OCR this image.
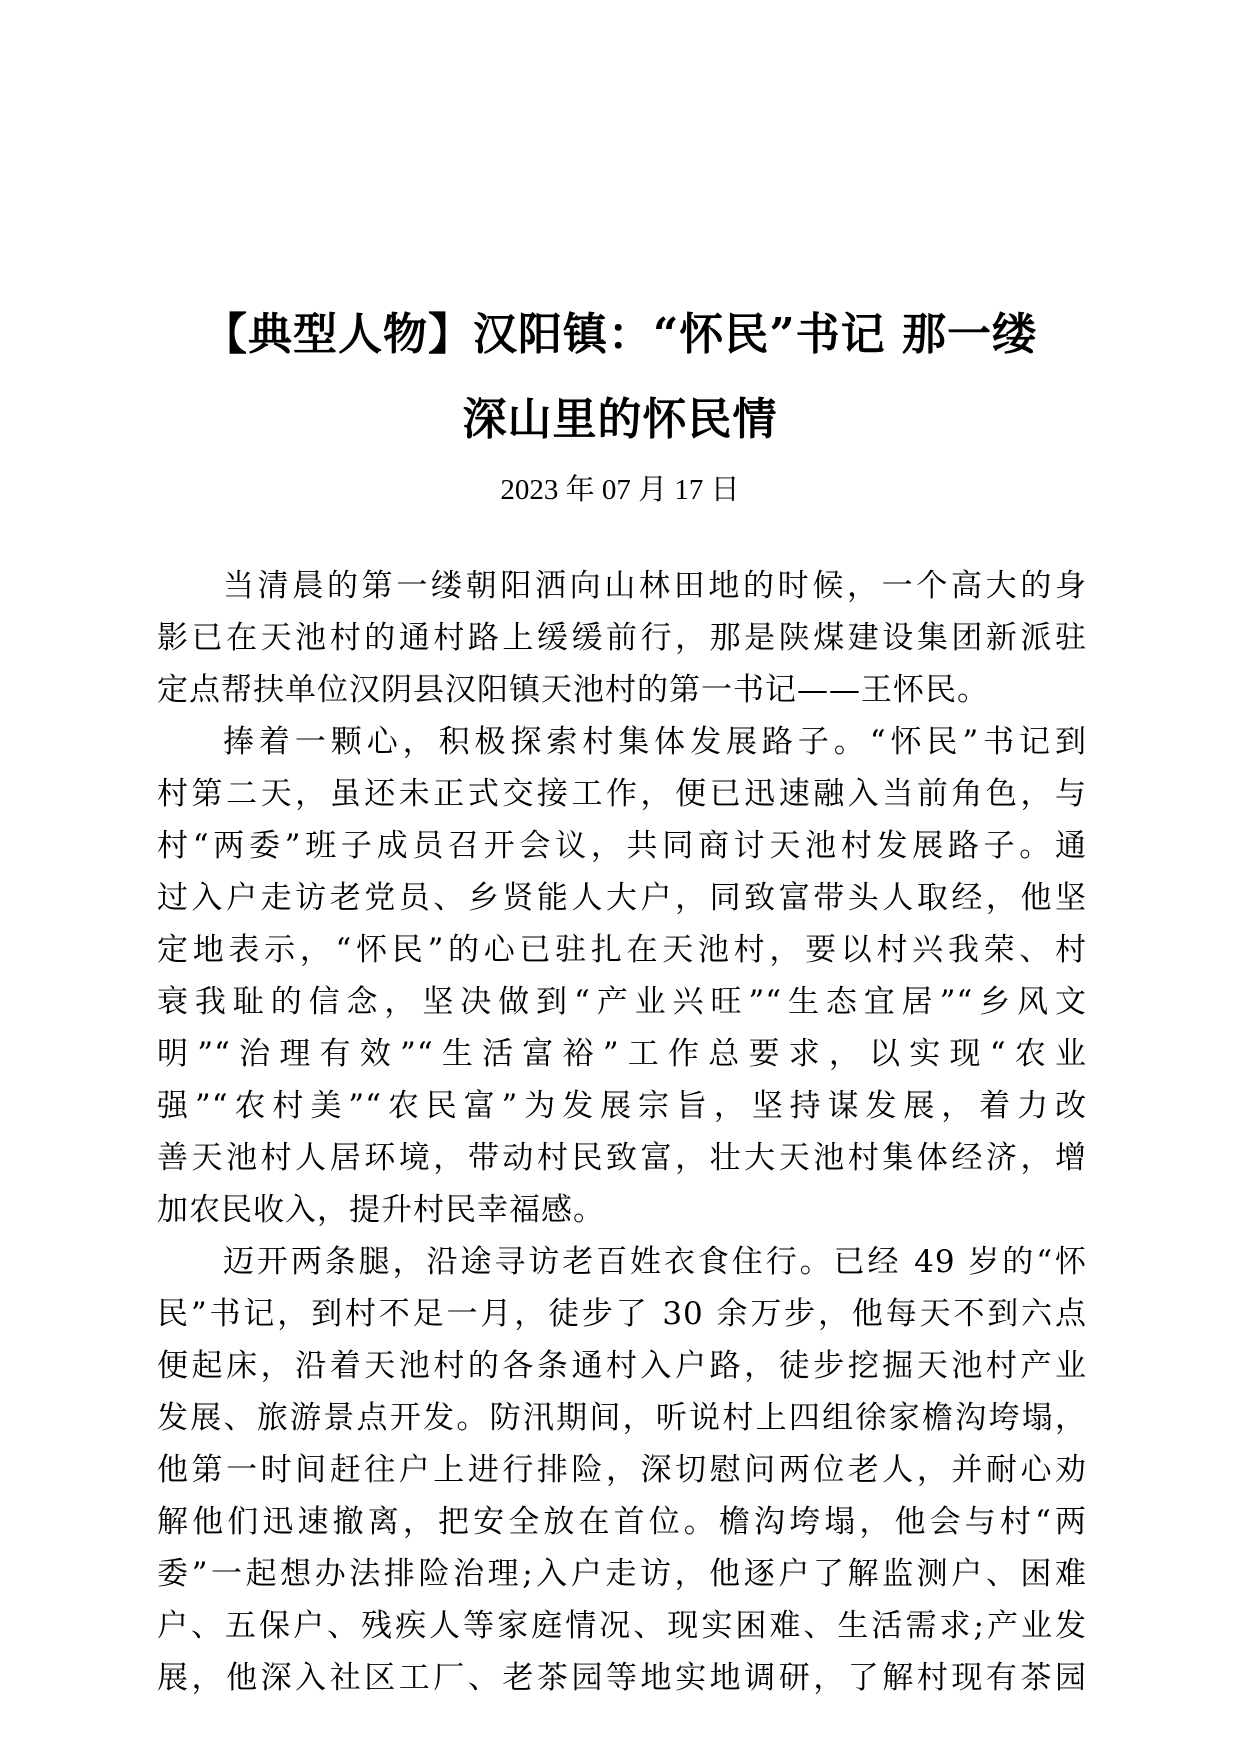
【典型人物】汉阳镇：“怀民”书记 那一缕
深山里的怀民情
2023 年 07 月 17 日
当清晨的第一缕朝阳洒向山林田地的时候，一个高大的身
影已在天池村的通村路上缓缓前行，那是陕煤建设集团新派驻
定点帮扶单位汉阴县汉阳镇天池村的第一书记——王怀民。
捧着一颗心，积极探索村集体发展路子。“怀民”书记到
村第二天，虽还未正式交接工作，便已迅速融入当前角色，与
村“两委”班子成员召开会议，共同商讨天池村发展路子。通
过入户走访老党员、乡贤能人大户，同致富带头人取经，他坚
定地表示，“怀民”的心已驻扎在天池村，要以村兴我荣、村
衰我耻的信念，坚决做到“产业兴旺”“生态宜居”“乡风文
明”“治理有效”“生活富裕”工作总要求，以实现“农业
强”“农村美”“农民富”为发展宗旨，坚持谋发展，着力改
善天池村人居环境，带动村民致富，壮大天池村集体经济，增
加农民收入，提升村民幸福感。
迈开两条腿，沿途寻访老百姓衣食住行。已经 49 岁的“怀
民”书记，到村不足一月，徒步了 30 余万步，他每天不到六点
便起床，沿着天池村的各条通村入户路，徒步挖掘天池村产业
发展、旅游景点开发。防汛期间，听说村上四组徐家檐沟垮塌，
他第一时间赶往户上进行排险，深切慰问两位老人，并耐心劝
解他们迅速撤离，把安全放在首位。檐沟垮塌，他会与村“两
委”一起想办法排险治理;入户走访，他逐户了解监测户、困难
户、五保户、残疾人等家庭情况、现实困难、生活需求;产业发
展，他深入社区工厂、老茶园等地实地调研，了解村现有茶园
